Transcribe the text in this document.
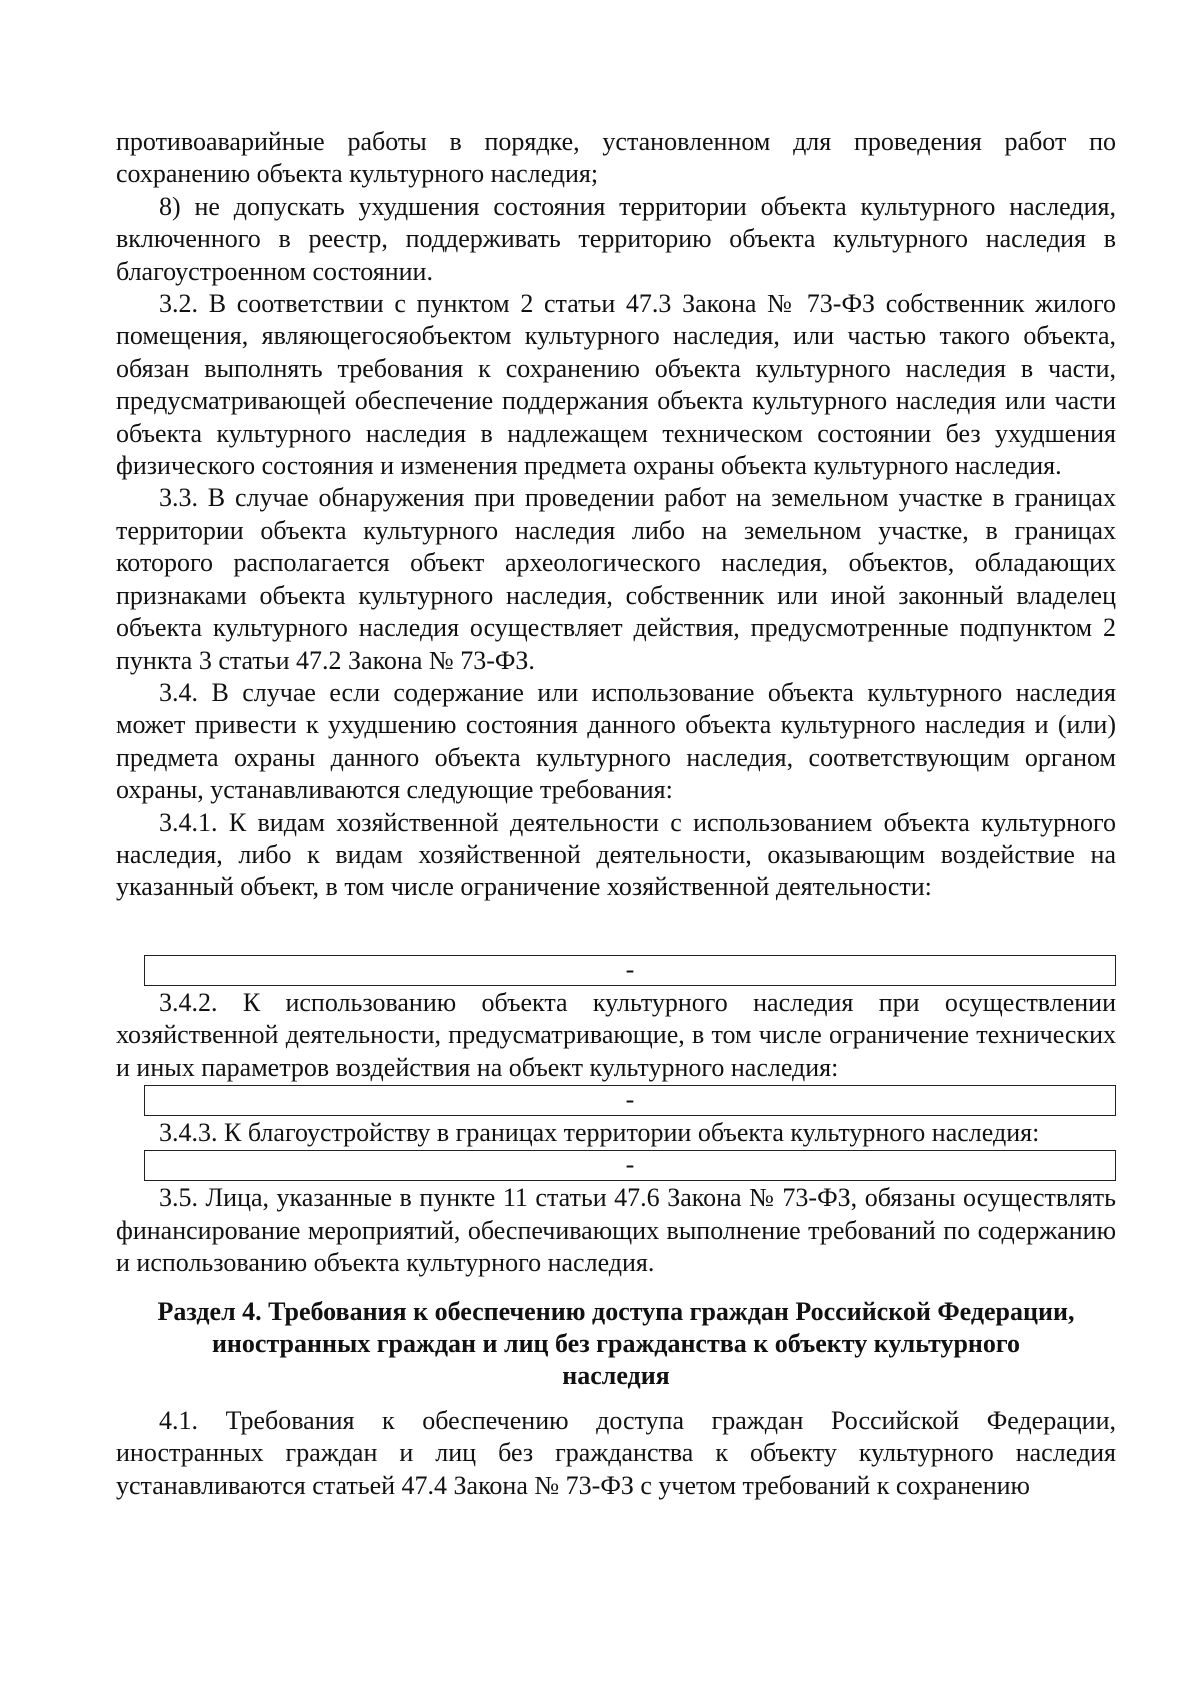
противоаварийные работы в порядке, установленном для проведения работ по сохранению объекта культурного наследия;

8) не допускать ухудшения состояния территории объекта культурного наследия, включенного в реестр, поддерживать территорию объекта культурного наследия в благоустроенном состоянии.

3.2. В соответствии с пунктом 2 статьи 47.3 Закона № 73-ФЗ собственник жилого помещения, являющегосяобъектом культурного наследия, или частью такого объекта, обязан выполнять требования к сохранению объекта культурного наследия в части, предусматривающей обеспечение поддержания объекта культурного наследия или части объекта культурного наследия в надлежащем техническом состоянии без ухудшения физического состояния и изменения предмета охраны объекта культурного наследия.

3.3. В случае обнаружения при проведении работ на земельном участке в границах территории объекта культурного наследия либо на земельном участке, в границах которого располагается объект археологического наследия, объектов, обладающих признаками объекта культурного наследия, собственник или иной законный владелец объекта культурного наследия осуществляет действия, предусмотренные подпунктом 2 пункта 3 статьи 47.2 Закона № 73-ФЗ.

3.4. В случае если содержание или использование объекта культурного наследия может привести к ухудшению состояния данного объекта культурного наследия и (или) предмета охраны данного объекта культурного наследия, соответствующим органом охраны, устанавливаются следующие требования:

3.4.1. К видам хозяйственной деятельности с использованием объекта культурного наследия, либо к видам хозяйственной деятельности, оказывающим воздействие на указанный объект, в том числе ограничение хозяйственной деятельности:

-

3.4.2. К использованию объекта культурного наследия при осуществлении хозяйственной деятельности, предусматривающие, в том числе ограничение технических и иных параметров воздействия на объект культурного наследия:

-

3.4.3. К благоустройству в границах территории объекта культурного наследия:

-

3.5. Лица, указанные в пункте 11 статьи 47.6 Закона № 73-ФЗ, обязаны осуществлять финансирование мероприятий, обеспечивающих выполнение требований по содержанию и использованию объекта культурного наследия.

Раздел 4. Требования к обеспечению доступа граждан Российской Федерации, иностранных граждан и лиц без гражданства к объекту культурного наследия

4.1. Требования к обеспечению доступа граждан Российской Федерации, иностранных граждан и лиц без гражданства к объекту культурного наследия устанавливаются статьей 47.4 Закона № 73-ФЗ с учетом требований к сохранению
